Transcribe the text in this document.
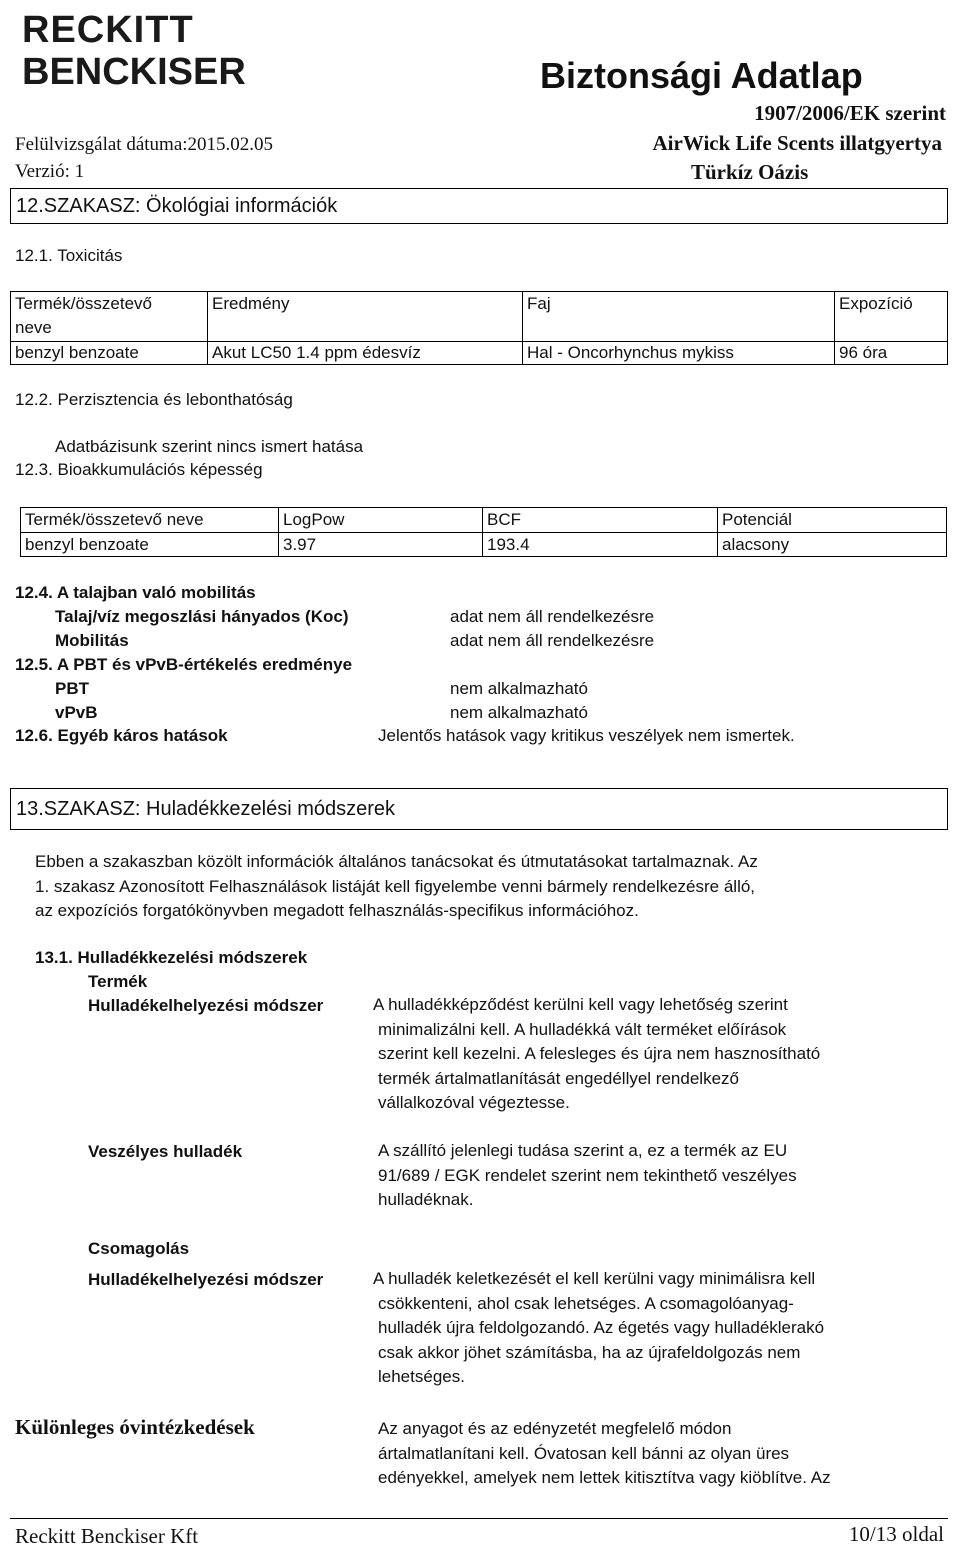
RECKITT
BENCKISER	Biztonsági Adatlap
1907/2006/EK szerint
AirWick Life Scents illatgyertya
Türkíz Oázis
Felülvizsgálat dátuma:2015.02.05
Verzió: 1
12.SZAKASZ: Ökológiai információk
12.1. Toxicitás
Termék/összetevő
neve	Eredmény	Faj	Expozíció
benzyl benzoate	Akut LC50 1.4 ppm édesvíz	Hal - Oncorhynchus mykiss	96 óra
12.2. Perzisztencia és lebonthatóság
Adatbázisunk szerint nincs ismert hatása
12.3. Bioakkumulációs képesség
Termék/összetevő neve	LogPow	BCF	Potenciál
benzyl benzoate	3.97	193.4	alacsony
12.4. A talajban való mobilitás
Talaj/víz megoszlási hányados (Koc)	adat nem áll rendelkezésre
Mobilitás	adat nem áll rendelkezésre
12.5. A PBT és vPvB-értékelés eredménye
PBT	nem alkalmazható
vPvB	nem alkalmazható
12.6. Egyéb káros hatások	Jelentős hatások vagy kritikus veszélyek nem ismertek.
13.SZAKASZ: Huladékkezelési módszerek
Ebben a szakaszban közölt információk általános tanácsokat és útmutatásokat tartalmaznak. Az
1. szakasz Azonosított Felhasználások listáját kell figyelembe venni bármely rendelkezésre álló,
az expozíciós forgatókönyvben megadott felhasználás-specifikus információhoz.
13.1. Hulladékkezelési módszerek
Termék
Hulladékelhelyezési módszer	A hulladékképződést kerülni kell vagy lehetőség szerint
minimalizálni kell. A hulladékká vált terméket előírások
szerint kell kezelni. A felesleges és újra nem hasznosítható
termék ártalmatlanítását engedéllyel rendelkező
vállalkozóval végeztesse.
Veszélyes hulladék	A szállító jelenlegi tudása szerint a, ez a termék az EU
91/689 / EGK rendelet szerint nem tekinthető veszélyes
hulladéknak.
Csomagolás
Hulladékelhelyezési módszer	A hulladék keletkezését el kell kerülni vagy minimálisra kell
csökkenteni, ahol csak lehetséges. A csomagolóanyag-
hulladék újra feldolgozandó. Az égetés vagy hulladéklerakó
csak akkor jöhet számításba, ha az újrafeldolgozás nem
lehetséges.
Különleges óvintézkedések	Az anyagot és az edényzetét megfelelő módon
ártalmatlanítani kell. Óvatosan kell bánni az olyan üres
edényekkel, amelyek nem lettek kitisztítva vagy kiöblítve. Az
Reckitt Benckiser Kft	10/13 oldal
